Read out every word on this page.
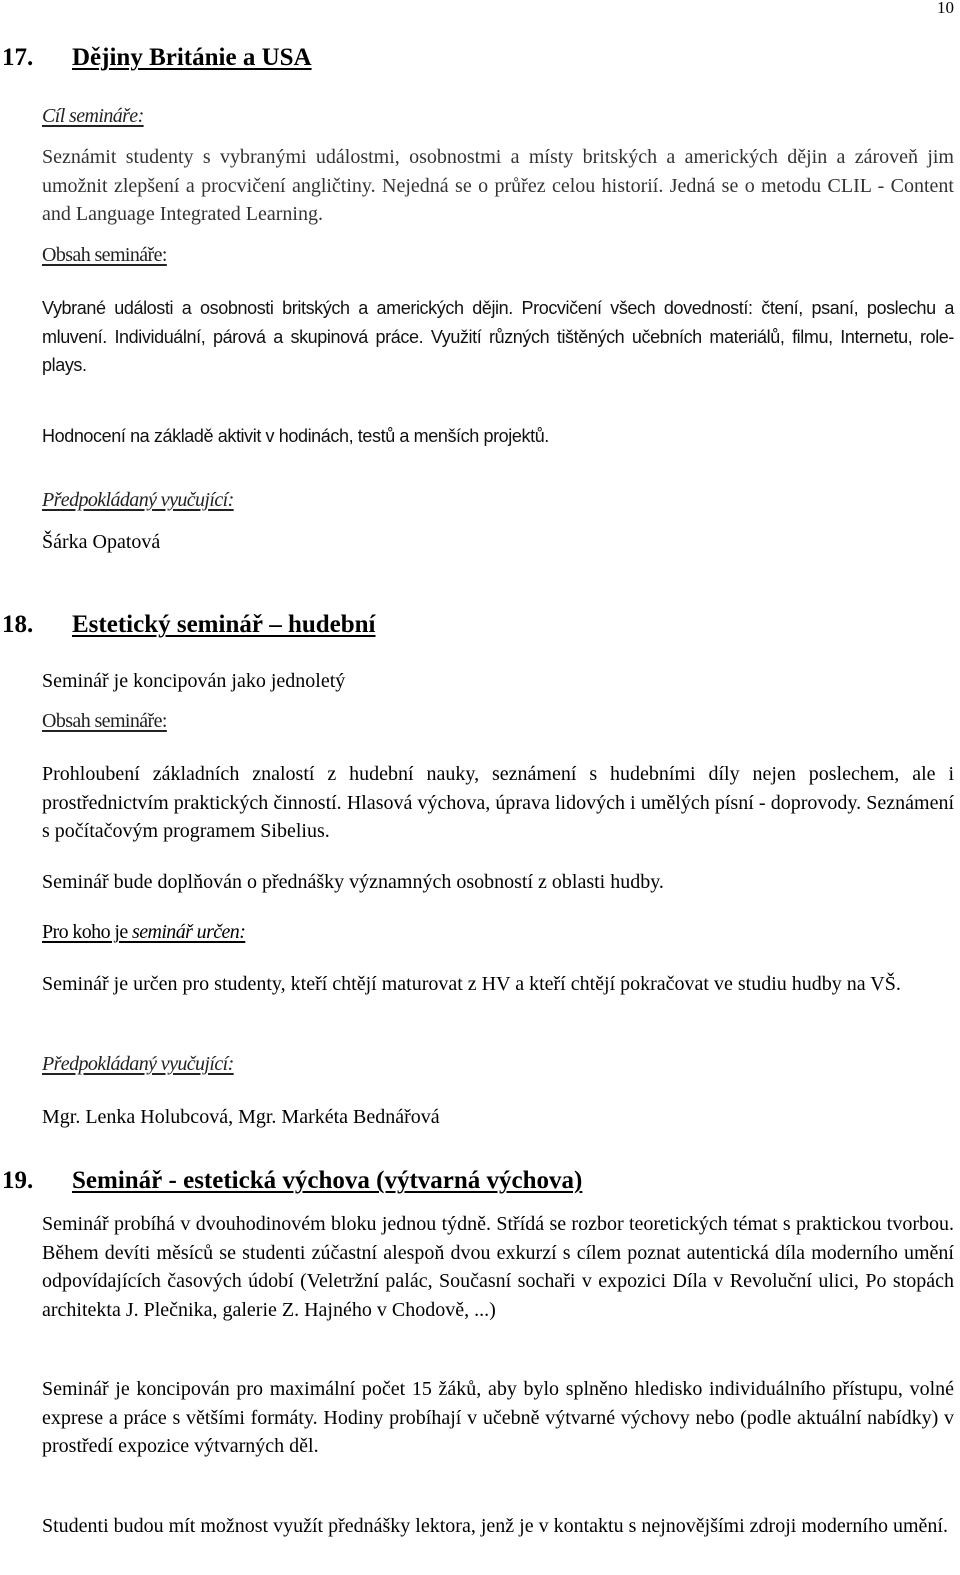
10
17. Dějiny Británie a USA
Cíl semináře:
Seznámit studenty s vybranými událostmi, osobnostmi a místy britských a amerických dějin a zároveň jim umožnit zlepšení a procvičení angličtiny. Nejedná se o průřez celou historií. Jedná se o metodu CLIL - Content and Language Integrated Learning.
Obsah semináře:
Vybrané události a osobnosti britských a amerických dějin. Procvičení všech dovedností: čtení, psaní, poslechu a mluvení. Individuální, párová a skupinová práce. Využití různých tištěných učebních materiálů, filmu, Internetu, role-plays.
Hodnocení na základě aktivit v hodinách, testů a menších projektů.
Předpokládaný vyučující:
Šárka Opatová
18. Estetický seminář – hudební
Seminář je koncipován jako jednoletý
Obsah semináře:
Prohloubení základních znalostí z hudební nauky, seznámení s hudebními díly nejen poslechem, ale i prostřednictvím praktických činností. Hlasová výchova, úprava lidových i umělých písní - doprovody. Seznámení s počítačovým programem Sibelius.
Seminář bude doplňován o přednášky významných osobností z oblasti hudby.
Pro koho je seminář určen:
Seminář je určen pro studenty, kteří chtějí maturovat z HV a kteří chtějí pokračovat ve studiu hudby na VŠ.
Předpokládaný vyučující:
Mgr. Lenka Holubcová, Mgr. Markéta Bednářová
19. Seminář - estetická výchova (výtvarná výchova)
Seminář probíhá v dvouhodinovém bloku jednou týdně. Střídá se rozbor teoretických témat s praktickou tvorbou. Během devíti měsíců se studenti zúčastní alespoň dvou exkurzí s cílem poznat autentická díla moderního umění odpovídajících časových údobí (Veletržní palác, Současní sochaři v expozici Díla v Revoluční ulici, Po stopách architekta J. Plečnika, galerie Z. Hajného v Chodově, ...)
Seminář je koncipován pro maximální počet 15 žáků, aby bylo splněno hledisko individuálního přístupu, volné exprese a práce s většími formáty. Hodiny probíhají v učebně výtvarné výchovy nebo (podle aktuální nabídky) v prostředí expozice výtvarných děl.
Studenti budou mít možnost využít přednášky lektora, jenž je v kontaktu s nejnovějšími zdroji moderního umění.
